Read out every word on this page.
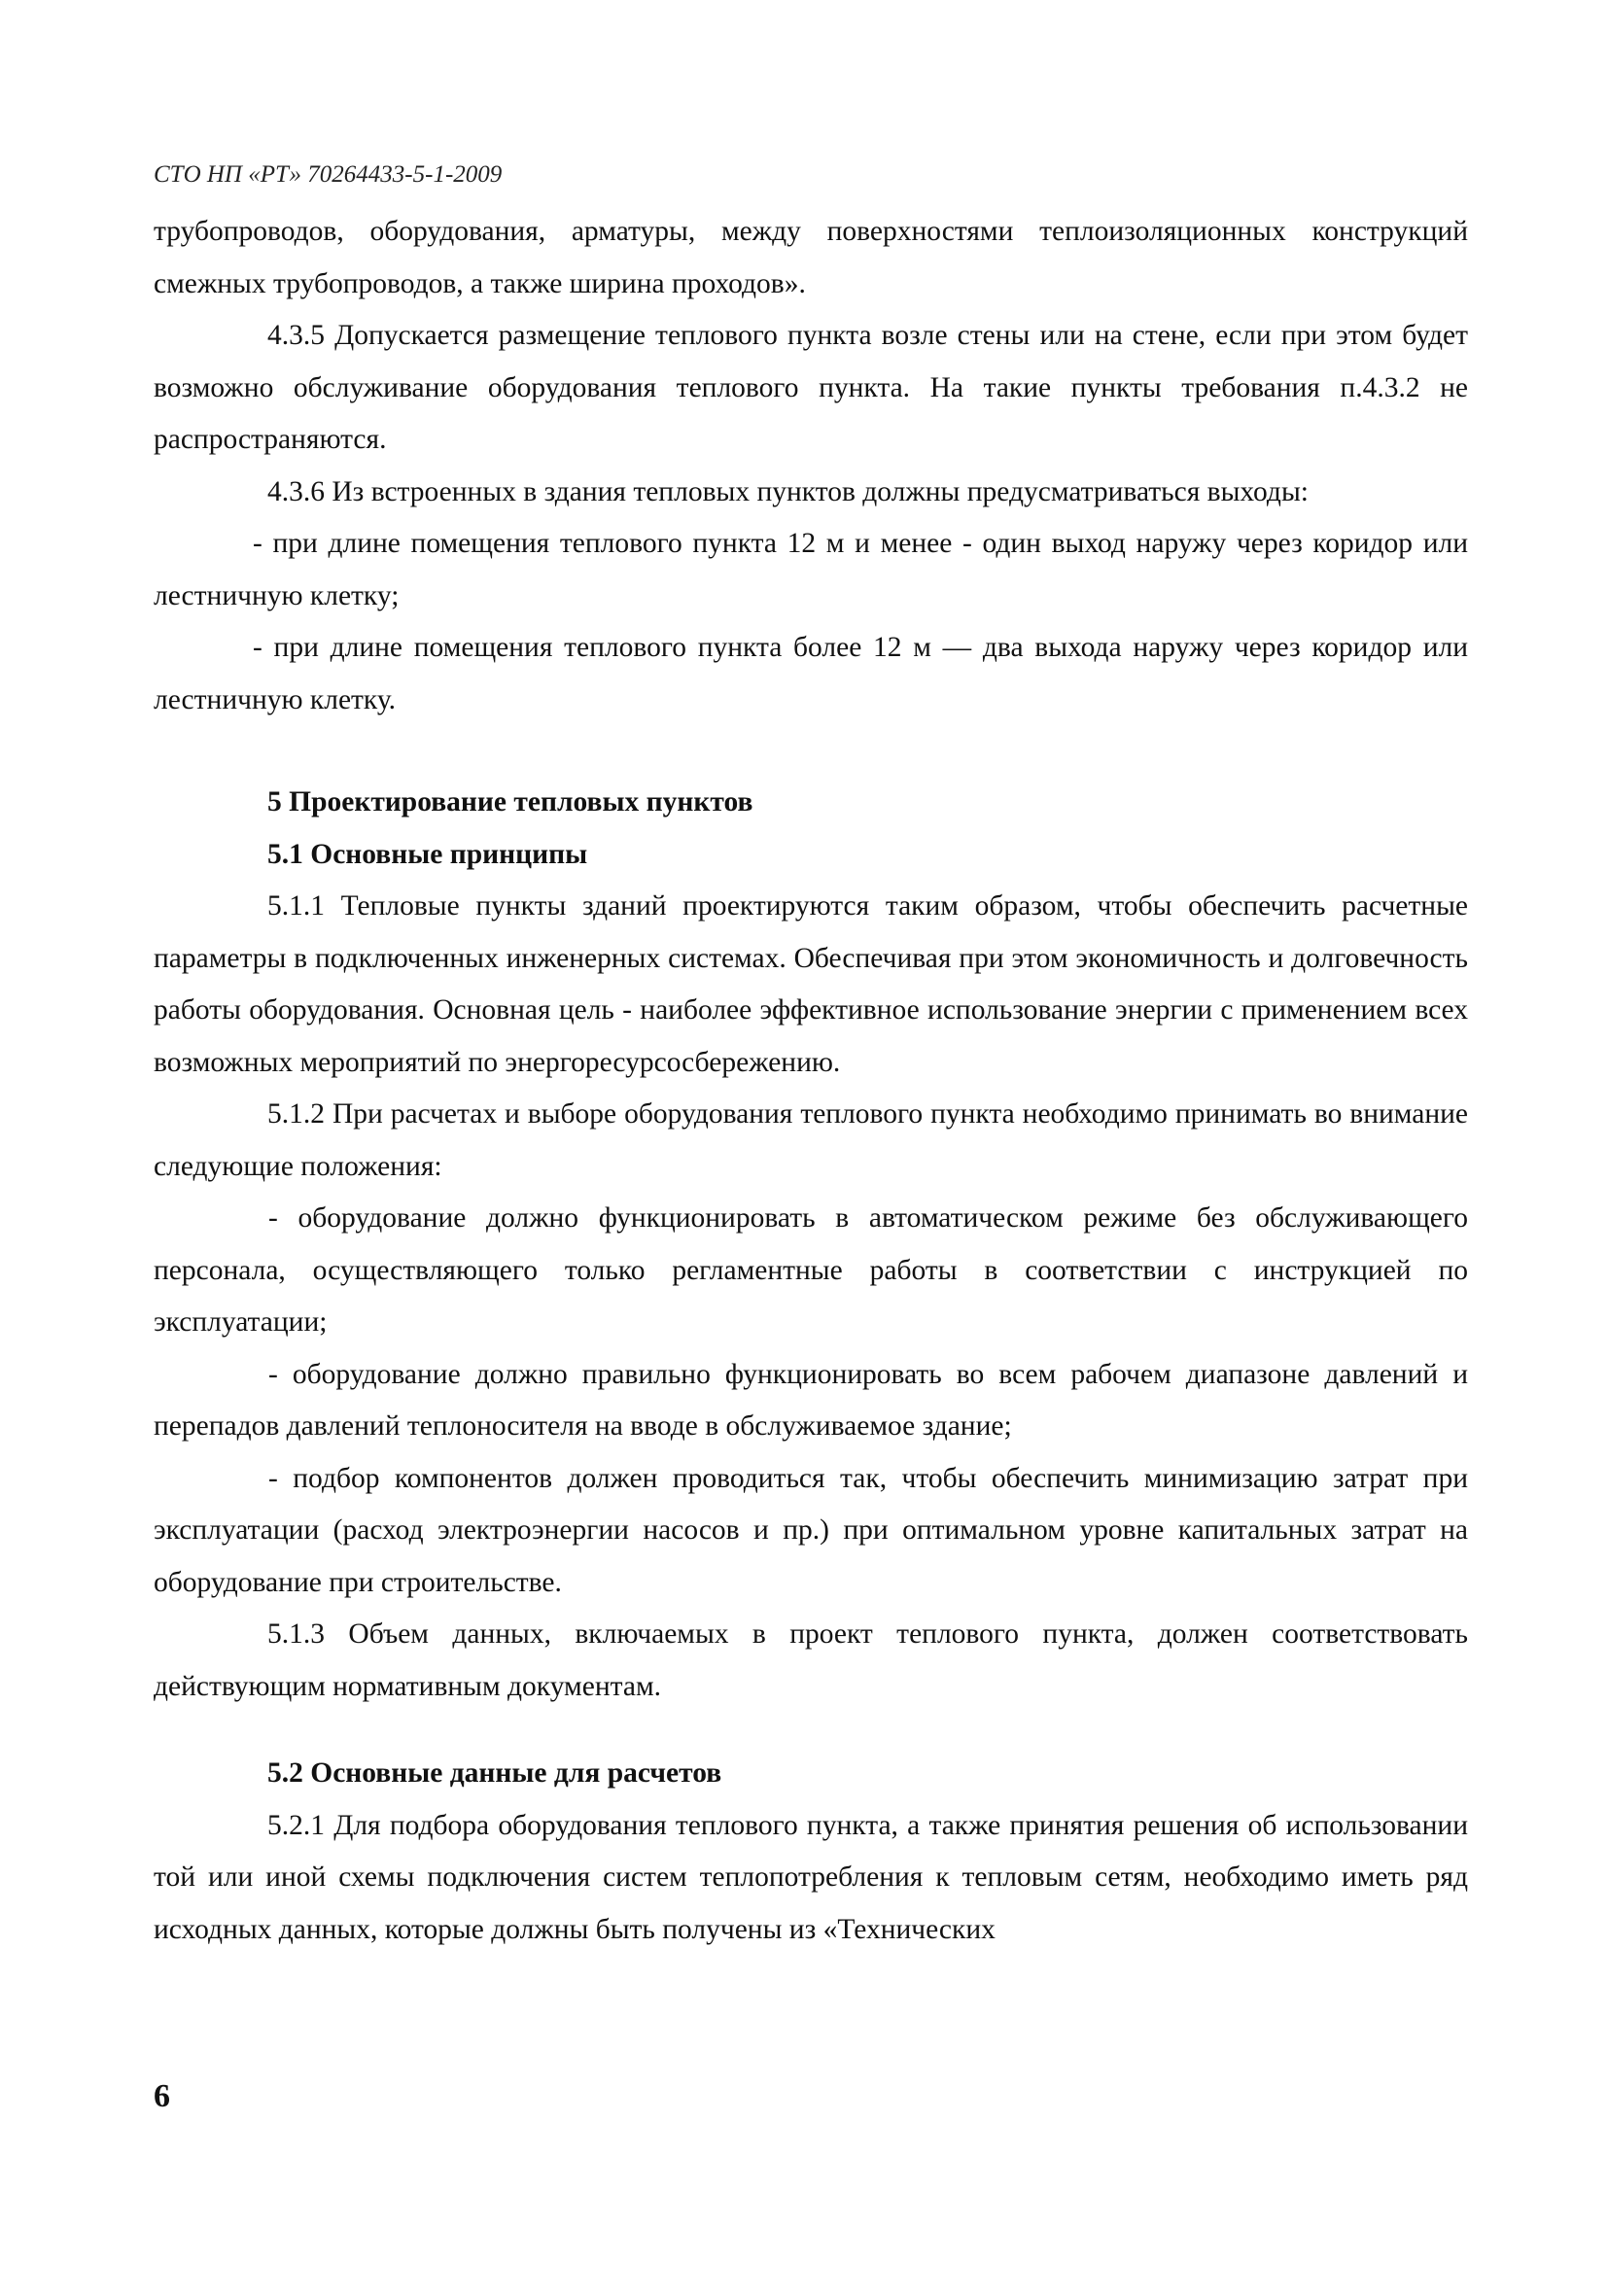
СТО НП «РТ» 70264433-5-1-2009

трубопроводов, оборудования, арматуры, между поверхностями теплоизоляционных конструкций смежных трубопроводов, а также ширина проходов».

4.3.5 Допускается размещение теплового пункта возле стены или на стене, если при этом будет возможно обслуживание оборудования теплового пункта. На такие пункты требования п.4.3.2 не распространяются.

4.3.6 Из встроенных в здания тепловых пунктов должны предусматриваться выходы:

- при длине помещения теплового пункта 12 м и менее - один выход наружу через коридор или лестничную клетку;

- при длине помещения теплового пункта более 12 м — два выхода наружу через коридор или лестничную клетку.

5 Проектирование тепловых пунктов

5.1 Основные принципы

5.1.1 Тепловые пункты зданий проектируются таким образом, чтобы обеспечить расчетные параметры в подключенных инженерных системах. Обеспечивая при этом экономичность и долговечность работы оборудования. Основная цель - наиболее эффективное использование энергии с применением всех возможных мероприятий по энергоресурсосбережению.

5.1.2 При расчетах и выборе оборудования теплового пункта необходимо принимать во внимание следующие положения:

- оборудование должно функционировать в автоматическом режиме без обслуживающего персонала, осуществляющего только регламентные работы в соответствии с инструкцией по эксплуатации;

- оборудование должно правильно функционировать во всем рабочем диапазоне давлений и перепадов давлений теплоносителя на вводе в обслуживаемое здание;

- подбор компонентов должен проводиться так, чтобы обеспечить минимизацию затрат при эксплуатации (расход электроэнергии насосов и пр.) при оптимальном уровне капитальных затрат на оборудование при строительстве.

5.1.3 Объем данных, включаемых в проект теплового пункта, должен соответствовать действующим нормативным документам.

5.2 Основные данные для расчетов

5.2.1 Для подбора оборудования теплового пункта, а также принятия решения об использовании той или иной схемы подключения систем теплопотребления к тепловым сетям, необходимо иметь ряд исходных данных, которые должны быть получены из «Технических

6
